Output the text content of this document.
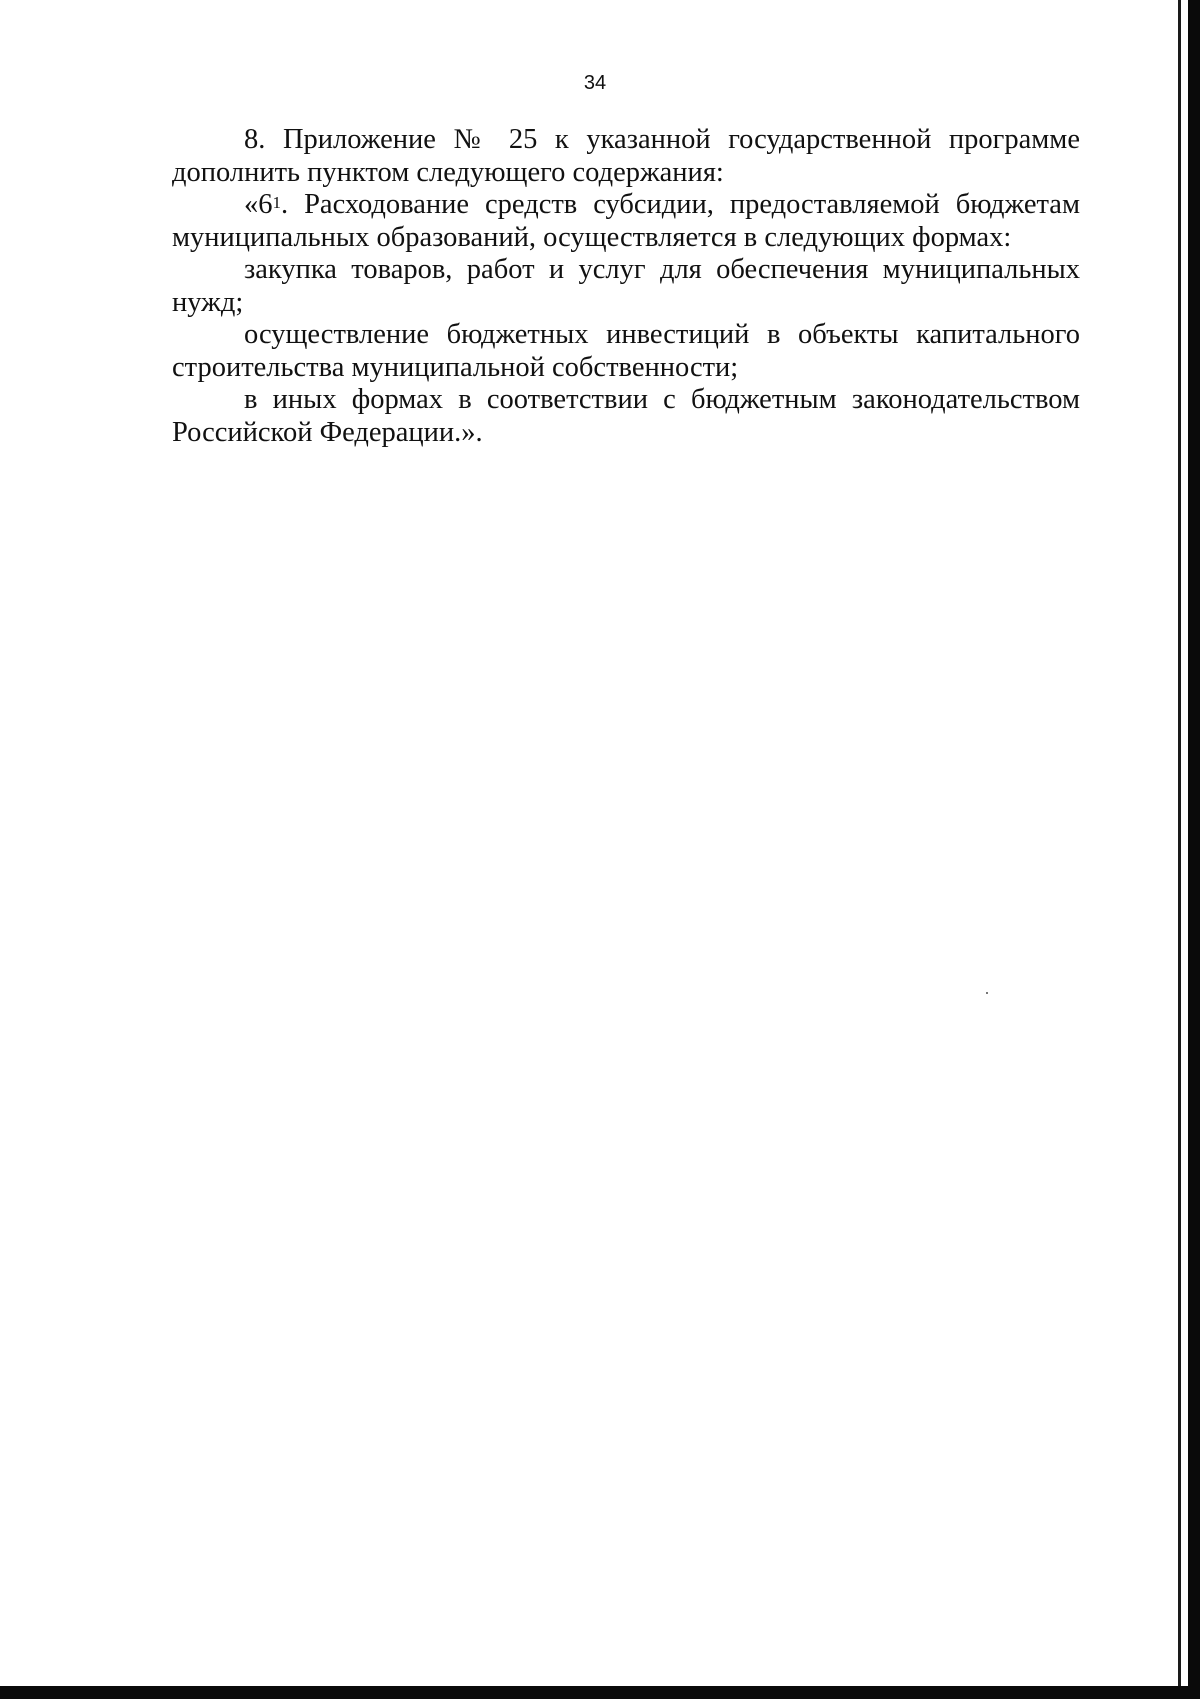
34

8. Приложение № 25 к указанной государственной программе дополнить пунктом следующего содержания:

«$6^1$. Расходование средств субсидии, предоставляемой бюджетам муниципальных образований, осуществляется в следующих формах:

закупка товаров, работ и услуг для обеспечения муниципальных нужд;

осуществление бюджетных инвестиций в объекты капитального строительства муниципальной собственности;

в иных формах в соответствии с бюджетным законодательством Российской Федерации.».
